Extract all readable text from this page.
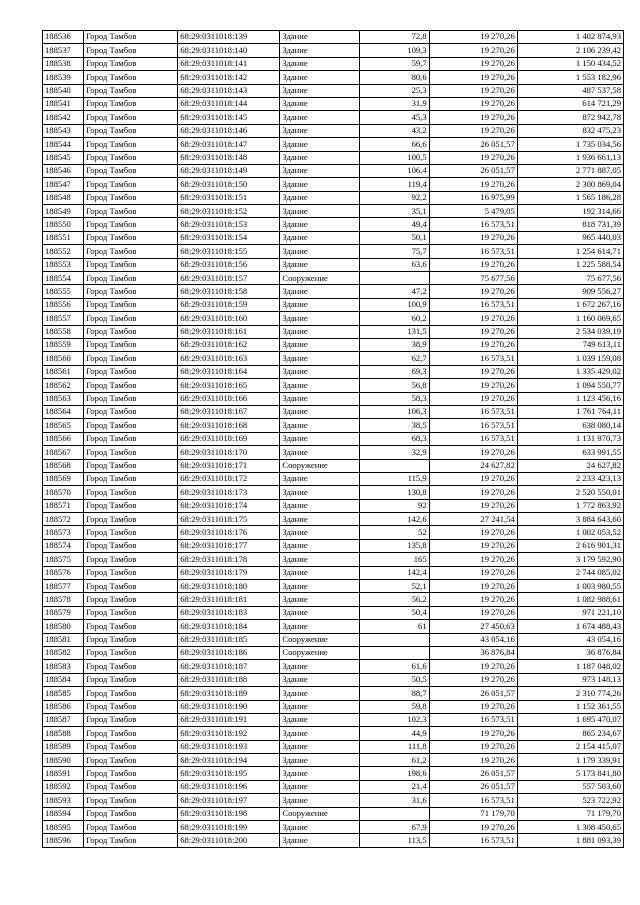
188536	Город Тамбов	68:29:0311018:139	Здание	72,8	19 270,26	1 402 874,93
188537	Город Тамбов	68:29:0311018:140	Здание	109,3	19 270,26	2 106 239,42
188538	Город Тамбов	68:29:0311018:141	Здание	59,7	19 270,26	1 150 434,52
188539	Город Тамбов	68:29:0311018:142	Здание	80,6	19 270,26	1 553 182,96
188540	Город Тамбов	68:29:0311018:143	Здание	25,3	19 270,26	487 537,58
188541	Город Тамбов	68:29:0311018:144	Здание	31,9	19 270,26	614 721,29
188542	Город Тамбов	68:29:0311018:145	Здание	45,3	19 270,26	872 942,78
188543	Город Тамбов	68:29:0311018:146	Здание	43,2	19 270,26	832 475,23
188544	Город Тамбов	68:29:0311018:147	Здание	66,6	26 051,57	1 735 034,56
188545	Город Тамбов	68:29:0311018:148	Здание	100,5	19 270,26	1 936 661,13
188546	Город Тамбов	68:29:0311018:149	Здание	106,4	26 051,57	2 771 887,05
188547	Город Тамбов	68:29:0311018:150	Здание	119,4	19 270,26	2 300 869,04
188548	Город Тамбов	68:29:0311018:151	Здание	92,2	16 975,99	1 565 186,28
188549	Город Тамбов	68:29:0311018:152	Здание	35,1	5 479,05	192 314,66
188550	Город Тамбов	68:29:0311018:153	Здание	49,4	16 573,51	818 731,39
188551	Город Тамбов	68:29:0311018:154	Здание	50,1	19 270,26	965 440,03
188552	Город Тамбов	68:29:0311018:155	Здание	75,7	16 573,51	1 254 614,71
188553	Город Тамбов	68:29:0311018:156	Здание	63,6	19 270,26	1 225 588,54
188554	Город Тамбов	68:29:0311018:157	Сооружение		75 677,56	75 677,56
188555	Город Тамбов	68:29:0311018:158	Здание	47,2	19 270,26	909 556,27
188556	Город Тамбов	68:29:0311018:159	Здание	100,9	16 573,51	1 672 267,16
188557	Город Тамбов	68:29:0311018:160	Здание	60,2	19 270,26	1 160 069,65
188558	Город Тамбов	68:29:0311018:161	Здание	131,5	19 270,26	2 534 039,19
188559	Город Тамбов	68:29:0311018:162	Здание	38,9	19 270,26	749 613,11
188560	Город Тамбов	68:29:0311018:163	Здание	62,7	16 573,51	1 039 159,08
188561	Город Тамбов	68:29:0311018:164	Здание	69,3	19 270,26	1 335 429,02
188562	Город Тамбов	68:29:0311018:165	Здание	56,8	19 270,26	1 094 550,77
188563	Город Тамбов	68:29:0311018:166	Здание	58,3	19 270,26	1 123 456,16
188564	Город Тамбов	68:29:0311018:167	Здание	106,3	16 573,51	1 761 764,11
188565	Город Тамбов	68:29:0311018:168	Здание	38,5	16 573,51	638 080,14
188566	Город Тамбов	68:29:0311018:169	Здание	68,3	16 573,51	1 131 970,73
188567	Город Тамбов	68:29:0311018:170	Здание	32,9	19 270,26	633 991,55
188568	Город Тамбов	68:29:0311018:171	Сооружение		24 627,82	24 627,82
188569	Город Тамбов	68:29:0311018:172	Здание	115,9	19 270,26	2 233 423,13
188570	Город Тамбов	68:29:0311018:173	Здание	130,8	19 270,26	2 520 550,01
188571	Город Тамбов	68:29:0311018:174	Здание	92	19 270,26	1 772 863,92
188572	Город Тамбов	68:29:0311018:175	Здание	142,6	27 241,54	3 884 643,60
188573	Город Тамбов	68:29:0311018:176	Здание	52	19 270,26	1 002 053,52
188574	Город Тамбов	68:29:0311018:177	Здание	135,8	19 270,26	2 616 901,31
188575	Город Тамбов	68:29:0311018:178	Здание	165	19 270,26	3 179 592,90
188576	Город Тамбов	68:29:0311018:179	Здание	142,4	19 270,26	2 744 085,02
188577	Город Тамбов	68:29:0311018:180	Здание	52,1	19 270,26	1 003 980,55
188578	Город Тамбов	68:29:0311018:181	Здание	56,2	19 270,26	1 082 988,61
188579	Город Тамбов	68:29:0311018:183	Здание	50,4	19 270,26	971 221,10
188580	Город Тамбов	68:29:0311018:184	Здание	61	27 450,63	1 674 488,43
188581	Город Тамбов	68:29:0311018:185	Сооружение		43 054,16	43 054,16
188582	Город Тамбов	68:29:0311018:186	Сооружение		36 876,84	36 876,84
188583	Город Тамбов	68:29:0311018:187	Здание	61,6	19 270,26	1 187 048,02
188584	Город Тамбов	68:29:0311018:188	Здание	50,5	19 270,26	973 148,13
188585	Город Тамбов	68:29:0311018:189	Здание	88,7	26 051,57	2 310 774,26
188586	Город Тамбов	68:29:0311018:190	Здание	59,8	19 270,26	1 152 361,55
188587	Город Тамбов	68:29:0311018:191	Здание	102,3	16 573,51	1 695 470,07
188588	Город Тамбов	68:29:0311018:192	Здание	44,9	19 270,26	865 234,67
188589	Город Тамбов	68:29:0311018:193	Здание	111,8	19 270,26	2 154 415,07
188590	Город Тамбов	68:29:0311018:194	Здание	61,2	19 270,26	1 179 339,91
188591	Город Тамбов	68:29:0311018:195	Здание	198,6	26 051,57	5 173 841,80
188592	Город Тамбов	68:29:0311018:196	Здание	21,4	26 051,57	557 503,60
188593	Город Тамбов	68:29:0311018:197	Здание	31,6	16 573,51	523 722,92
188594	Город Тамбов	68:29:0311018:198	Сооружение		71 179,70	71 179,70
188595	Город Тамбов	68:29:0311018:199	Здание	67,9	19 270,26	1 308 450,65
188596	Город Тамбов	68:29:0311018:200	Здание	113,5	16 573,51	1 881 093,39
